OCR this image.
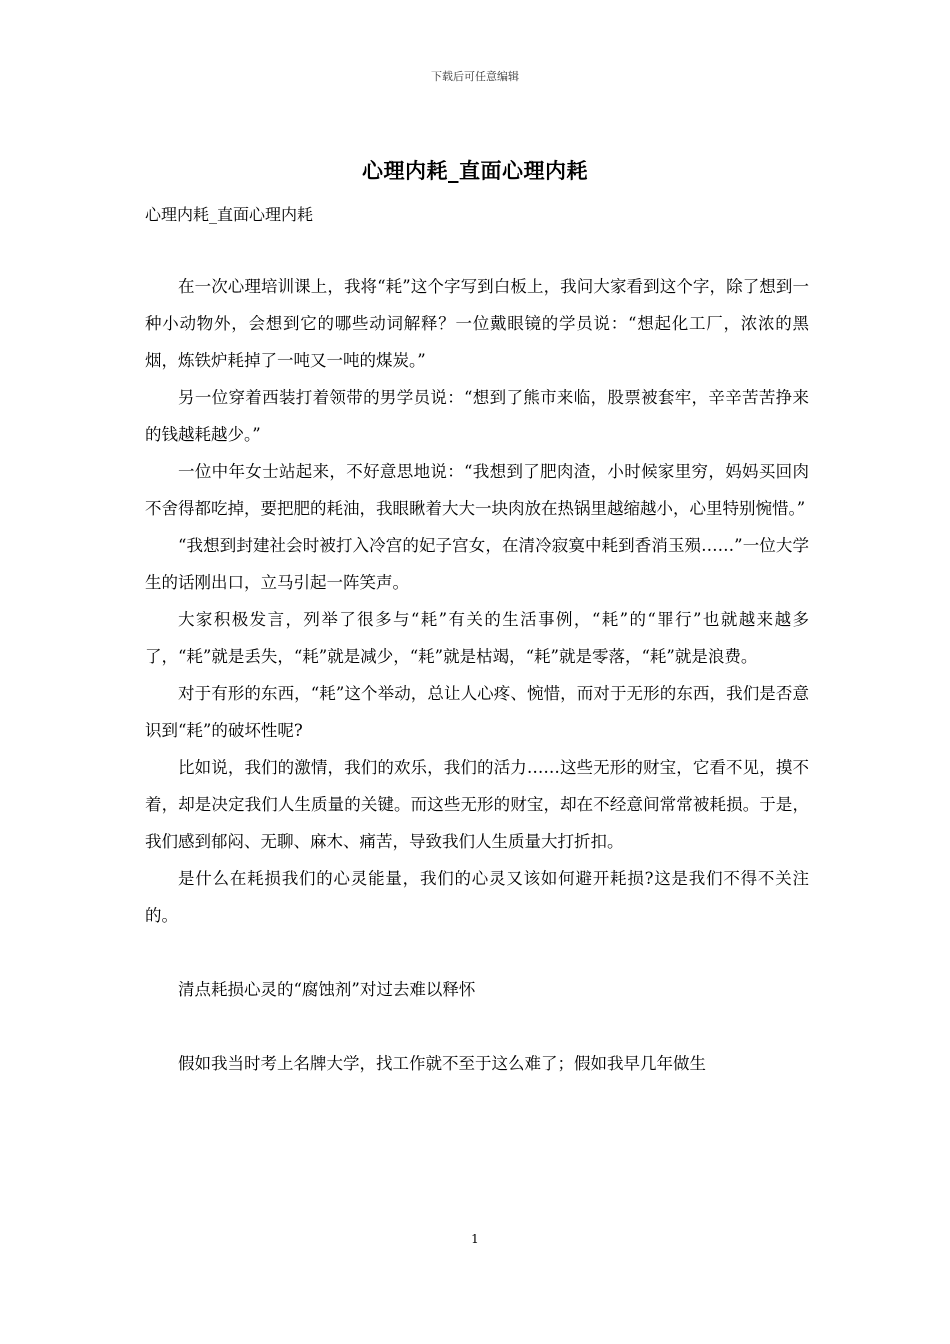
下载后可任意编辑
心理内耗_直面心理内耗
心理内耗_直面心理内耗

在一次心理培训课上，我将“耗”这个字写到白板上，我问大家看到这个字，除了想到一种小动物外，会想到它的哪些动词解释？一位戴眼镜的学员说：“想起化工厂，浓浓的黑烟，炼铁炉耗掉了一吨又一吨的煤炭。”

另一位穿着西装打着领带的男学员说：“想到了熊市来临，股票被套牢，辛辛苦苦挣来的钱越耗越少。”

一位中年女士站起来，不好意思地说：“我想到了肥肉渣，小时候家里穷，妈妈买回肉不舍得都吃掉，要把肥的耗油，我眼瞅着大大一块肉放在热锅里越缩越小，心里特别惋惜。”

“我想到封建社会时被打入冷宫的妃子宫女，在清冷寂寞中耗到香消玉殒……”一位大学生的话刚出口，立马引起一阵笑声。

大家积极发言，列举了很多与“耗”有关的生活事例，“耗”的“罪行”也就越来越多了，“耗”就是丢失，“耗”就是减少，“耗”就是枯竭，“耗”就是零落，“耗”就是浪费。

对于有形的东西，“耗”这个举动，总让人心疼、惋惜，而对于无形的东西，我们是否意识到“耗”的破坏性呢?

比如说，我们的激情，我们的欢乐，我们的活力……这些无形的财宝，它看不见，摸不着，却是决定我们人生质量的关键。而这些无形的财宝，却在不经意间常常被耗损。于是，我们感到郁闷、无聊、麻木、痛苦，导致我们人生质量大打折扣。

是什么在耗损我们的心灵能量，我们的心灵又该如何避开耗损?这是我们不得不关注的。

清点耗损心灵的“腐蚀剂”对过去难以释怀

假如我当时考上名牌大学，找工作就不至于这么难了；假如我早几年做生

1
